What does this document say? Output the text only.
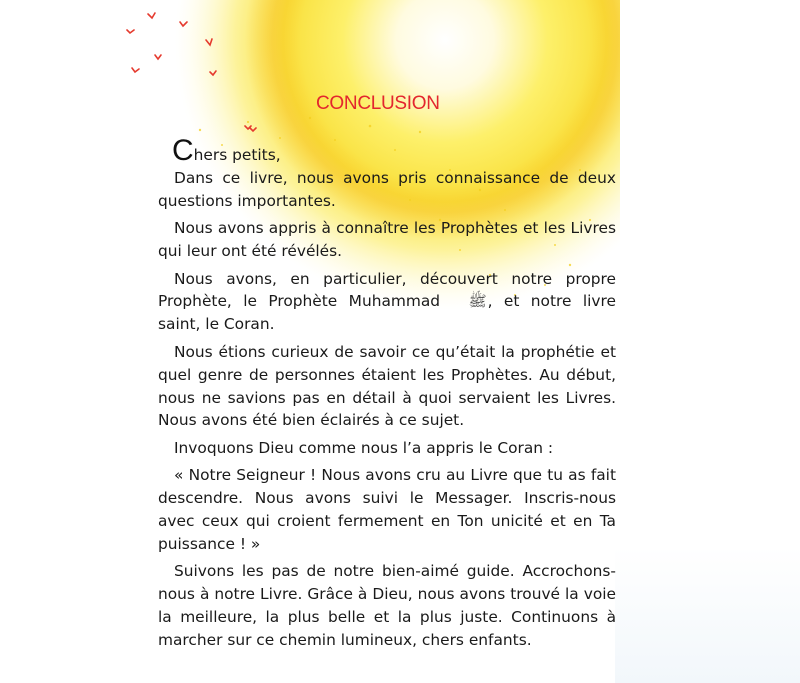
CONCLUSION

Chers petits,

Dans ce livre, nous avons pris connaissance de deux questions importantes.

Nous avons appris à connaître les Prophètes et les Livres qui leur ont été révélés.

Nous avons, en particulier, découvert notre propre Prophète, le Prophète Muhammad ﷺ, et notre livre saint, le Coran.

Nous étions curieux de savoir ce qu’était la prophétie et quel genre de personnes étaient les Prophètes. Au début, nous ne savions pas en détail à quoi servaient les Livres. Nous avons été bien éclairés à ce sujet.

Invoquons Dieu comme nous l’a appris le Coran :

« Notre Seigneur ! Nous avons cru au Livre que tu as fait descendre. Nous avons suivi le Messager. Inscris-nous avec ceux qui croient fermement en Ton unicité et en Ta puissance ! »

Suivons les pas de notre bien-aimé guide. Accrochons-nous à notre Livre. Grâce à Dieu, nous avons trouvé la voie la meilleure, la plus belle et la plus juste. Continuons à marcher sur ce chemin lumineux, chers enfants.
